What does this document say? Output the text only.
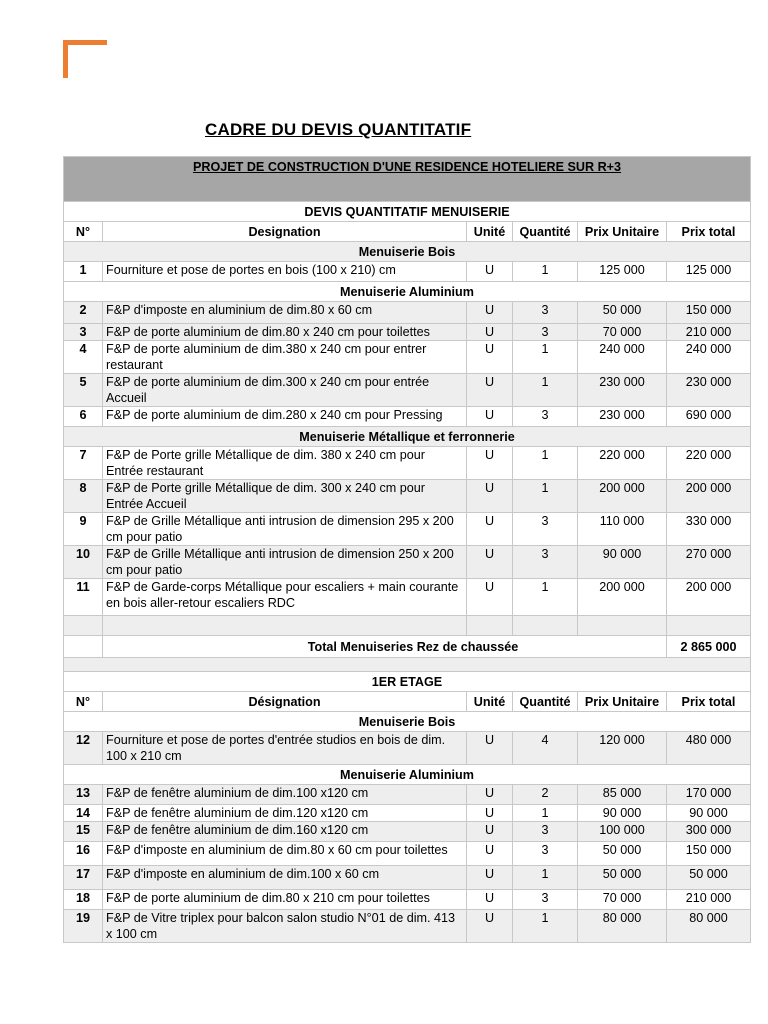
CADRE DU DEVIS QUANTITATIF
PROJET DE CONSTRUCTION D'UNE RESIDENCE HOTELIERE SUR R+3					
DEVIS QUANTITATIF MENUISERIE					
N°	Designation	Unité	Quantité	Prix Unitaire	Prix total
Menuiserie Bois					
1	Fourniture et pose de portes en bois (100 x 210) cm	U	1	125 000	125 000
Menuiserie Aluminium					
2	F&P d'imposte en aluminium de dim.80 x 60 cm	U	3	50 000	150 000
3	F&P de porte aluminium de dim.80 x 240 cm pour toilettes	U	3	70 000	210 000
4	F&P de porte aluminium de dim.380 x 240 cm pour entrer restaurant	U	1	240 000	240 000
5	F&P de porte aluminium de dim.300 x 240 cm pour entrée Accueil	U	1	230 000	230 000
6	F&P de porte aluminium de dim.280 x 240 cm pour Pressing	U	3	230 000	690 000
Menuiserie Métallique et ferronnerie					
7	F&P de Porte grille Métallique de dim. 380 x 240 cm pour Entrée restaurant	U	1	220 000	220 000
8	F&P de Porte grille Métallique de dim. 300 x 240 cm pour Entrée Accueil	U	1	200 000	200 000
9	F&P de Grille Métallique anti intrusion de dimension 295 x 200 cm pour patio	U	3	110 000	330 000
10	F&P de Grille Métallique anti intrusion de dimension 250 x 200 cm pour patio	U	3	90 000	270 000
11	F&P de Garde-corps Métallique pour escaliers + main courante en bois aller-retour escaliers RDC	U	1	200 000	200 000

	Total Menuiseries Rez de chaussée				2 865 000

1ER ETAGE					
N°	Désignation	Unité	Quantité	Prix Unitaire	Prix total
Menuiserie Bois					
12	Fourniture et pose de portes d'entrée studios en bois de dim. 100 x 210 cm	U	4	120 000	480 000
Menuiserie Aluminium					
13	F&P de fenêtre aluminium de dim.100 x120 cm	U	2	85 000	170 000
14	F&P de fenêtre aluminium de dim.120 x120 cm	U	1	90 000	90 000
15	F&P de fenêtre aluminium de dim.160 x120 cm	U	3	100 000	300 000
16	F&P d'imposte en aluminium de dim.80 x 60 cm pour toilettes	U	3	50 000	150 000
17	F&P d'imposte en aluminium de dim.100 x 60 cm	U	1	50 000	50 000
18	F&P de porte aluminium de dim.80 x 210 cm pour toilettes	U	3	70 000	210 000
19	F&P de Vitre triplex pour balcon salon studio N°01 de dim. 413 x 100 cm	U	1	80 000	80 000
